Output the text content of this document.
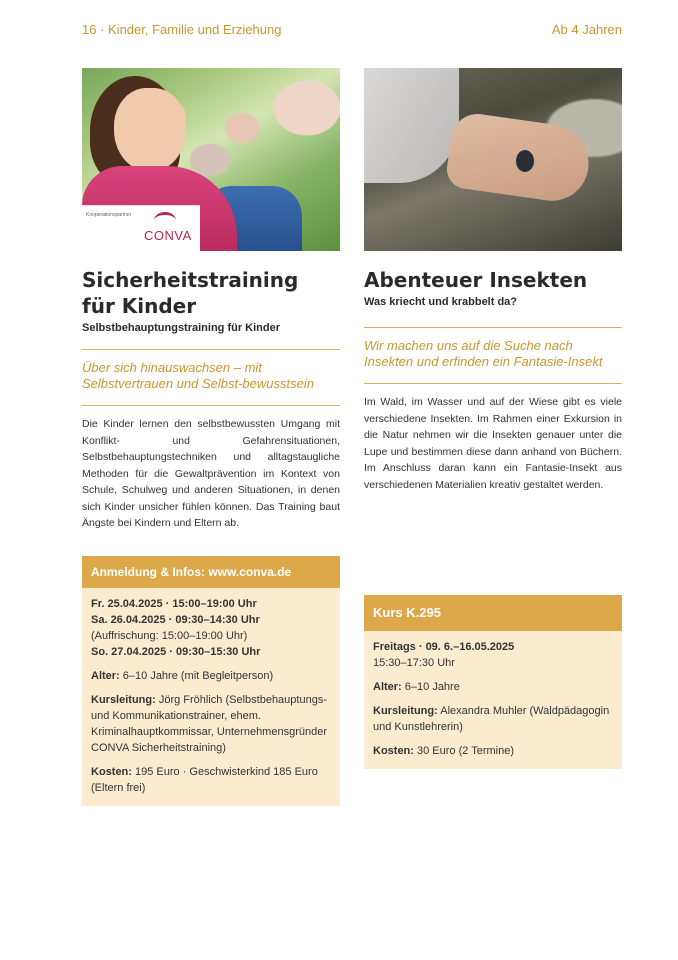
16 · Kinder, Familie und Erziehung	Ab 4 Jahren
Kooperationspartner
CONVA
Sicherheitstraining
für Kinder

Selbstbehauptungstraining für Kinder

Über sich hinauswachsen – mit Selbstvertrauen und Selbst-bewusstsein

Die Kinder lernen den selbstbewussten Umgang mit Konflikt- und Gefahrensituationen, Selbstbehauptungstechniken und alltagstaugliche Methoden für die Gewaltprävention im Kontext von Schule, Schulweg und anderen Situationen, in denen sich Kinder unsicher fühlen können. Das Training baut Ängste bei Kindern und Eltern ab.

Anmeldung & Infos: www.conva.de

Fr. 25.04.2025 · 15:00–19:00 Uhr
Sa. 26.04.2025 · 09:30–14:30 Uhr
(Auffrischung: 15:00–19:00 Uhr)
So. 27.04.2025 · 09:30–15:30 Uhr

Alter: 6–10 Jahre (mit Begleitperson)

Kursleitung: Jörg Fröhlich (Selbstbehauptungs- und Kommunikationstrainer, ehem. Kriminalhauptkommissar, Unternehmensgründer CONVA Sicherheitstraining)

Kosten: 195 Euro · Geschwisterkind 185 Euro (Eltern frei)

Abenteuer Insekten

Was kriecht und krabbelt da?

Wir machen uns auf die Suche nach Insekten und erfinden ein Fantasie-Insekt

Im Wald, im Wasser und auf der Wiese gibt es viele verschiedene Insekten. Im Rahmen einer Exkursion in die Natur nehmen wir die Insekten genauer unter die Lupe und bestimmen diese dann anhand von Büchern. Im Anschluss daran kann ein Fantasie-Insekt aus verschiedenen Materialien kreativ gestaltet werden.

Kurs K.295

Freitags · 09. 6.–16.05.2025
15:30–17:30 Uhr

Alter: 6–10 Jahre

Kursleitung: Alexandra Muhler (Waldpädagogin und Kunstlehrerin)

Kosten: 30 Euro (2 Termine)
